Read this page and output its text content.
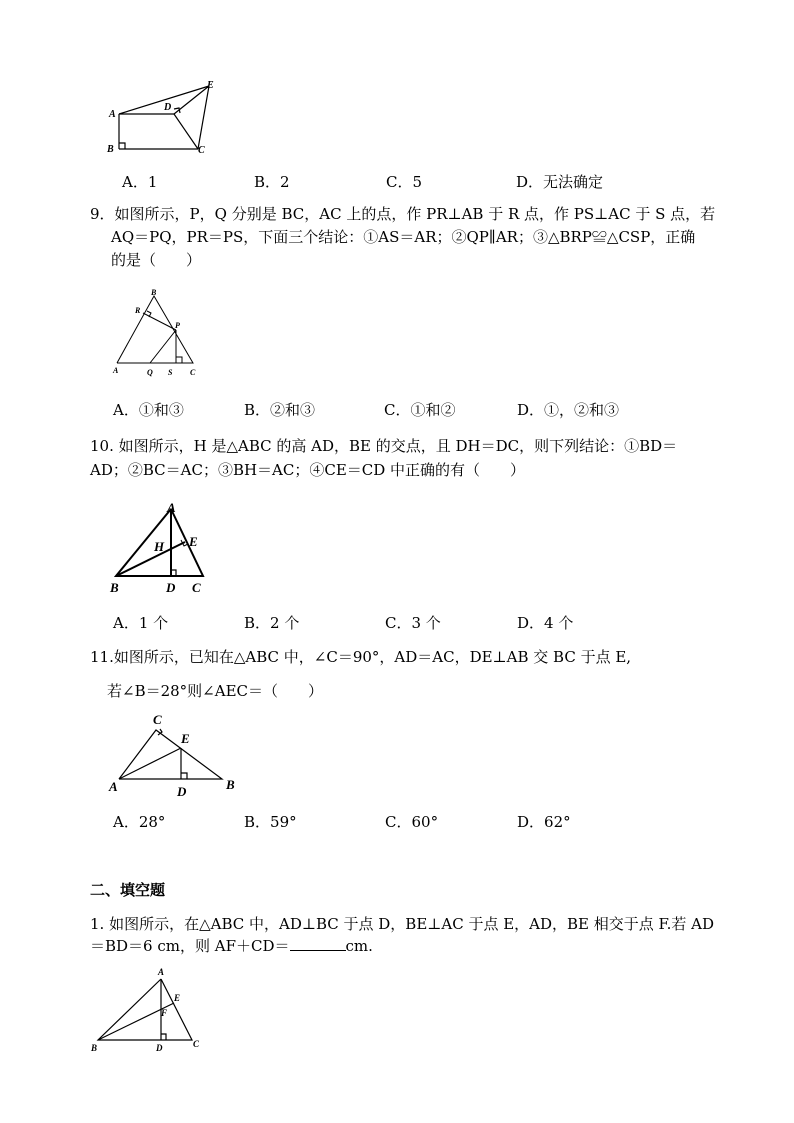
A
B	C
D
E
A．1	B．2	C．5	D．无法确定
9．如图所示，P，Q 分别是 BC，AC 上的点，作 PR⊥AB 于 R 点，作 PS⊥AC 于 S 点，若
AQ＝PQ，PR＝PS，下面三个结论：①AS＝AR；②QP∥AR；③△BRP≌△CSP，正确
的是（　　）
A
B
C
P
Q
R
S
A．①和③	B．②和③	C．①和②	D．①，②和③
10. 如图所示，H 是△ABC 的高 AD，BE 的交点，且 DH＝DC，则下列结论：①BD＝
AD；②BC＝AC；③BH＝AC；④CE＝CD 中正确的有（　　）
A
B	C
D
E
H
A．1 个	B．2 个	C．3 个	D．4 个
11.如图所示，已知在△ABC 中，∠C＝90°，AD＝AC，DE⊥AB 交 BC 于点 E,
若∠B＝28°则∠AEC＝（　　）
A	B
C
D
E
A．28°	B．59°	C．60°	D．62°
二、填空题
1. 如图所示，在△ABC 中，AD⊥BC 于点 D，BE⊥AC 于点 E，AD，BE 相交于点 F.若 AD
＝BD＝6 cm，则 AF＋CD＝	cm.
A
B	C
D
E
F
